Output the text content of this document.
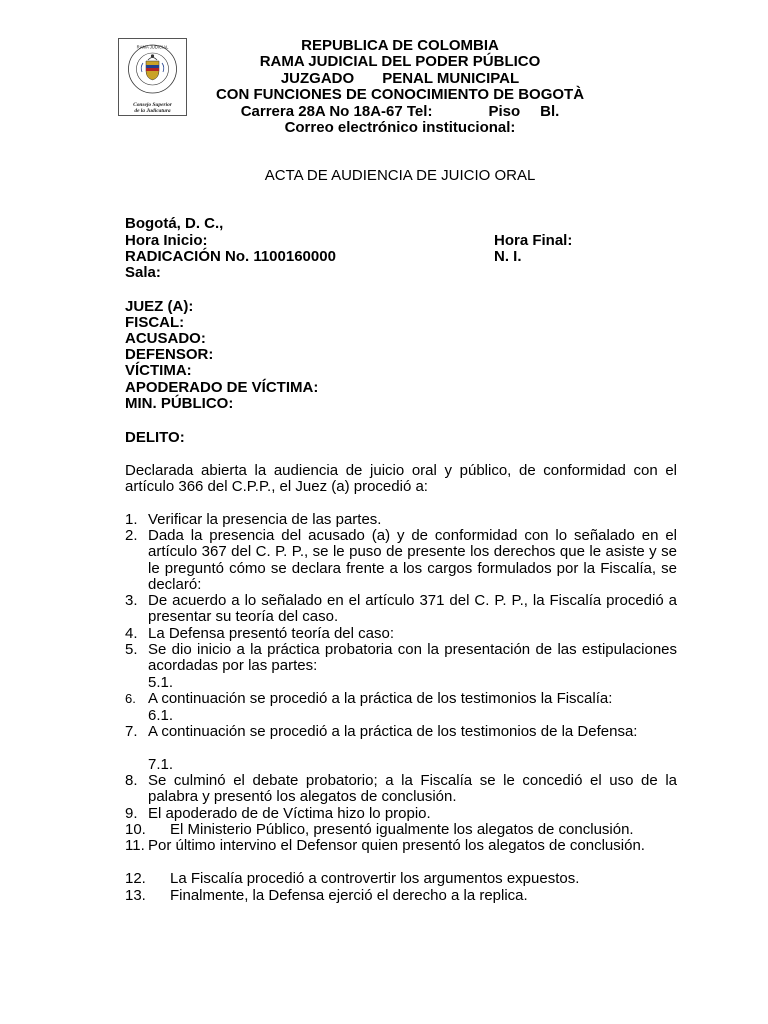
RAMA JUDICIAL
Consejo Superior
de la Judicatura
REPUBLICA DE COLOMBIA
RAMA JUDICIAL DEL PODER PÚBLICO
JUZGADO PENAL MUNICIPAL
CON FUNCIONES DE CONOCIMIENTO DE BOGOTÀ
Carrera 28A No 18A-67 Tel:	Piso Bl.
Correo electrónico institucional:
ACTA DE AUDIENCIA DE JUICIO ORAL
Bogotá, D. C.,
Hora Inicio:	Hora Final:
RADICACIÓN No. 1100160000	N. I.
Sala:
JUEZ (A):
FISCAL:
ACUSADO:
DEFENSOR:
VÍCTIMA:
APODERADO DE VÍCTIMA:
MIN. PÚBLICO:
DELITO:
Declarada abierta la audiencia de juicio oral y público, de conformidad con el artículo 366 del C.P.P., el Juez (a) procedió a:
1. Verificar la presencia de las partes.
2. Dada la presencia del acusado (a) y de conformidad con lo señalado en el artículo 367 del C. P. P., se le puso de presente los derechos que le asiste y se le preguntó cómo se declara frente a los cargos formulados por la Fiscalía, se declaró:
3. De acuerdo a lo señalado en el artículo 371 del C. P. P., la Fiscalía procedió a presentar su teoría del caso.
4. La Defensa presentó teoría del caso:
5. Se dio inicio a la práctica probatoria con la presentación de las estipulaciones acordadas por las partes:
5.1.
6. A continuación se procedió a la práctica de los testimonios la Fiscalía:
6.1.
7. A continuación se procedió a la práctica de los testimonios de la Defensa:
7.1.
8. Se culminó el debate probatorio; a la Fiscalía se le concedió el uso de la palabra y presentó los alegatos de conclusión.
9. El apoderado de de Víctima hizo lo propio.
10. El Ministerio Público, presentó igualmente los alegatos de conclusión.
11. Por último intervino el Defensor quien presentó los alegatos de conclusión.
12. La Fiscalía procedió a controvertir los argumentos expuestos.
13. Finalmente, la Defensa ejerció el derecho a la replica.
